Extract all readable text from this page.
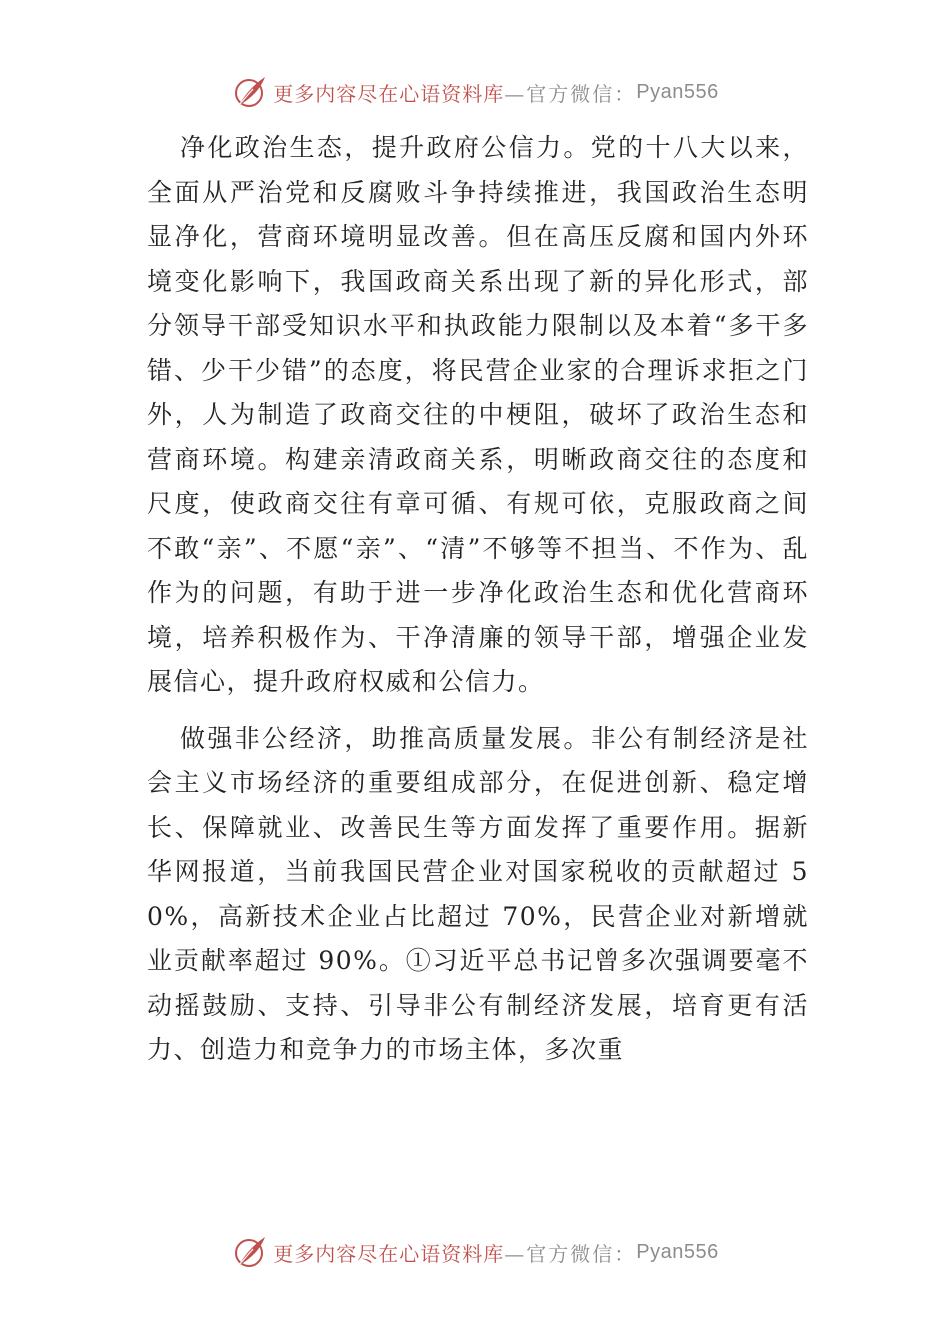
更多内容尽在心语资料库 —官方微信： Pyan556

净化政治生态，提升政府公信力。党的十八大以来，全面从严治党和反腐败斗争持续推进，我国政治生态明显净化，营商环境明显改善。但在高压反腐和国内外环境变化影响下，我国政商关系出现了新的异化形式，部分领导干部受知识水平和执政能力限制以及本着“多干多错、少干少错”的态度，将民营企业家的合理诉求拒之门外，人为制造了政商交往的中梗阻，破坏了政治生态和营商环境。构建亲清政商关系，明晰政商交往的态度和尺度，使政商交往有章可循、有规可依，克服政商之间不敢“亲”、不愿“亲”、“清”不够等不担当、不作为、乱作为的问题，有助于进一步净化政治生态和优化营商环境，培养积极作为、干净清廉的领导干部，增强企业发展信心，提升政府权威和公信力。

做强非公经济，助推高质量发展。非公有制经济是社会主义市场经济的重要组成部分，在促进创新、稳定增长、保障就业、改善民生等方面发挥了重要作用。据新华网报道，当前我国民营企业对国家税收的贡献超过 50%，高新技术企业占比超过 70%，民营企业对新增就业贡献率超过 90%。①习近平总书记曾多次强调要毫不动摇鼓励、支持、引导非公有制经济发展，培育更有活力、创造力和竞争力的市场主体，多次重

更多内容尽在心语资料库 —官方微信： Pyan556
